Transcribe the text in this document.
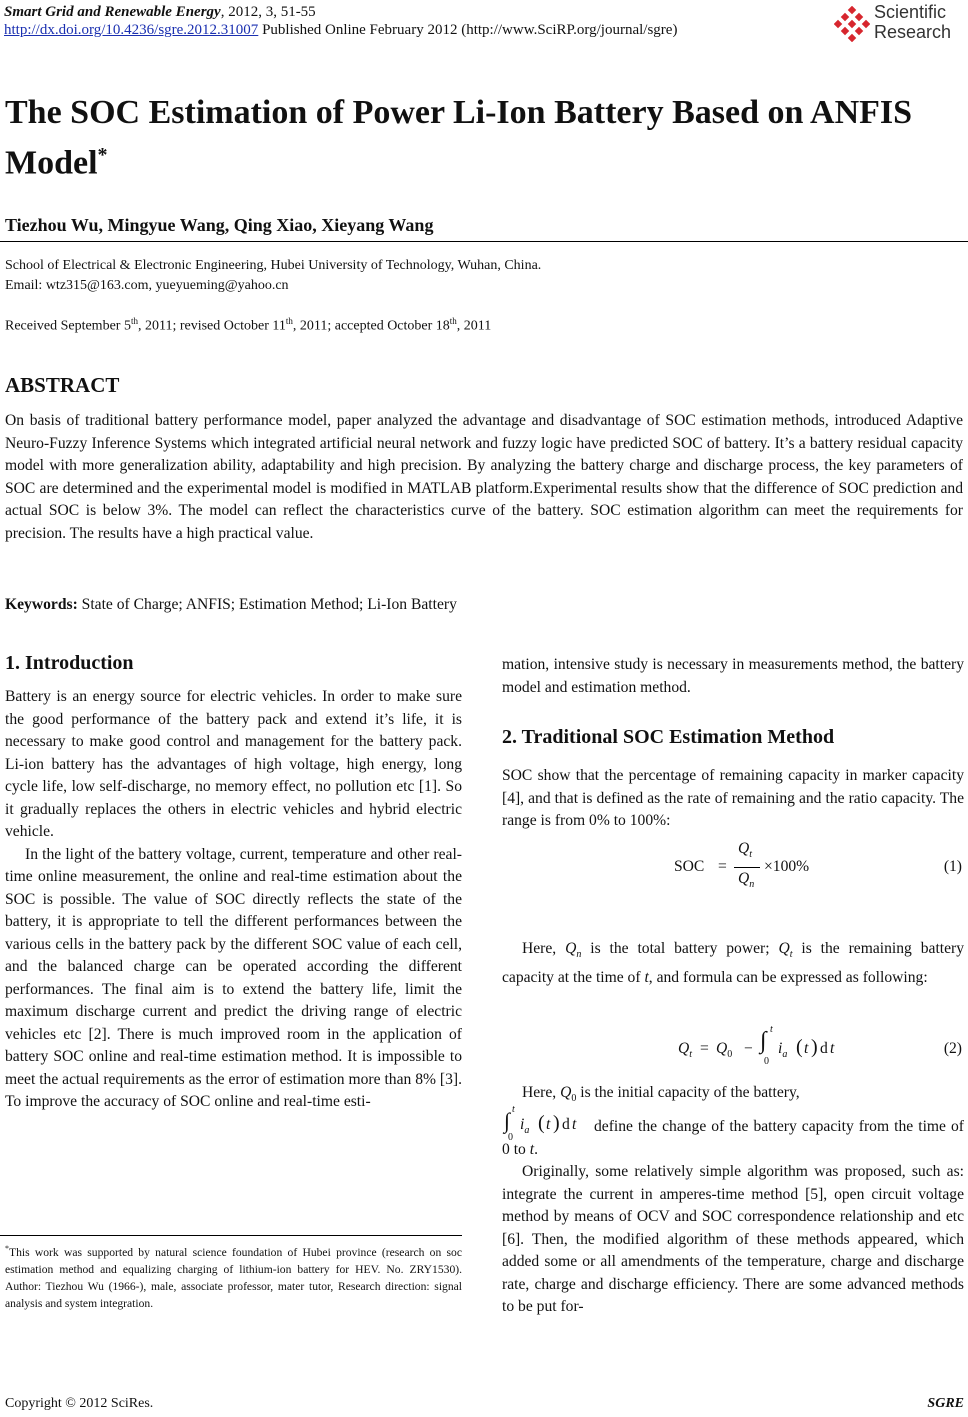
Smart Grid and Renewable Energy, 2012, 3, 51-55
http://dx.doi.org/10.4236/sgre.2012.31007 Published Online February 2012 (http://www.SciRP.org/journal/sgre)
Scientific
Research
The SOC Estimation of Power Li-Ion Battery Based on ANFIS Model*
Tiezhou Wu, Mingyue Wang, Qing Xiao, Xieyang Wang
School of Electrical & Electronic Engineering, Hubei University of Technology, Wuhan, China.
Email: wtz315@163.com, yueyueming@yahoo.cn
Received September 5th, 2011; revised October 11th, 2011; accepted October 18th, 2011
ABSTRACT
On basis of traditional battery performance model, paper analyzed the advantage and disadvantage of SOC estimation methods, introduced Adaptive Neuro-Fuzzy Inference Systems which integrated artificial neural network and fuzzy logic have predicted SOC of battery. It’s a battery residual capacity model with more generalization ability, adaptability and high precision. By analyzing the battery charge and discharge process, the key parameters of SOC are determined and the experimental model is modified in MATLAB platform.Experimental results show that the difference of SOC prediction and actual SOC is below 3%. The model can reflect the characteristics curve of the battery. SOC estimation algorithm can meet the requirements for precision. The results have a high practical value.
Keywords: State of Charge; ANFIS; Estimation Method; Li-Ion Battery
1. Introduction

Battery is an energy source for electric vehicles. In order to make sure the good performance of the battery pack and extend it’s life, it is necessary to make good control and management for the battery pack. Li-ion battery has the advantages of high voltage, high energy, long cycle life, low self-discharge, no memory effect, no pollution etc [1]. So it gradually replaces the others in electric vehicles and hybrid electric vehicle.

In the light of the battery voltage, current, temperature and other real-time online measurement, the online and real-time estimation about the SOC is possible. The value of SOC directly reflects the state of the battery, it is appropriate to tell the different performances between the various cells in the battery pack by the different SOC value of each cell, and the balanced charge can be operated according the different performances. The final aim is to extend the battery life, limit the maximum discharge current and predict the driving range of electric vehicles etc [2]. There is much improved room in the application of battery SOC online and real-time estimation method. It is impossible to meet the actual requirements as the error of estimation more than 8% [3]. To improve the accuracy of SOC online and real-time esti-

*This work was supported by natural science foundation of Hubei province (research on soc estimation method and equalizing charging of lithium-ion battery for HEV. No. ZRY1530). Author: Tiezhou Wu (1966-), male, associate professor, mater tutor, Research direction: signal analysis and system integration.

mation, intensive study is necessary in measurements method, the battery model and estimation method.

2. Traditional SOC Estimation Method
SOC show that the percentage of remaining capacity in marker capacity [4], and that is defined as the rate of remaining and the ratio capacity. The range is from 0% to 100%:
SOC =
$Q_t$
$Q_n$
×100%	(1)
Here, $Q_n$ is the total battery power; $Q_t$ is the remaining battery capacity at the time of t, and formula can be expressed as following:
$Q_t = Q_0$ − ∫ t
0
$i_a$ ( t ) d t	(2)
Here, $Q_0$ is the initial capacity of the battery,
∫ t
0
$i_a$ ( t ) d t	define the change of the battery capacity from the time of 0 to t.
Originally, some relatively simple algorithm was proposed, such as: integrate the current in amperes-time method [5], open circuit voltage method by means of OCV and SOC correspondence relationship and etc [6]. Then, the modified algorithm of these methods appeared, which added some or all amendments of the temperature, charge and discharge rate, charge and discharge efficiency. There are some advanced methods to be put for-
Copyright © 2012 SciRes.	SGRE
